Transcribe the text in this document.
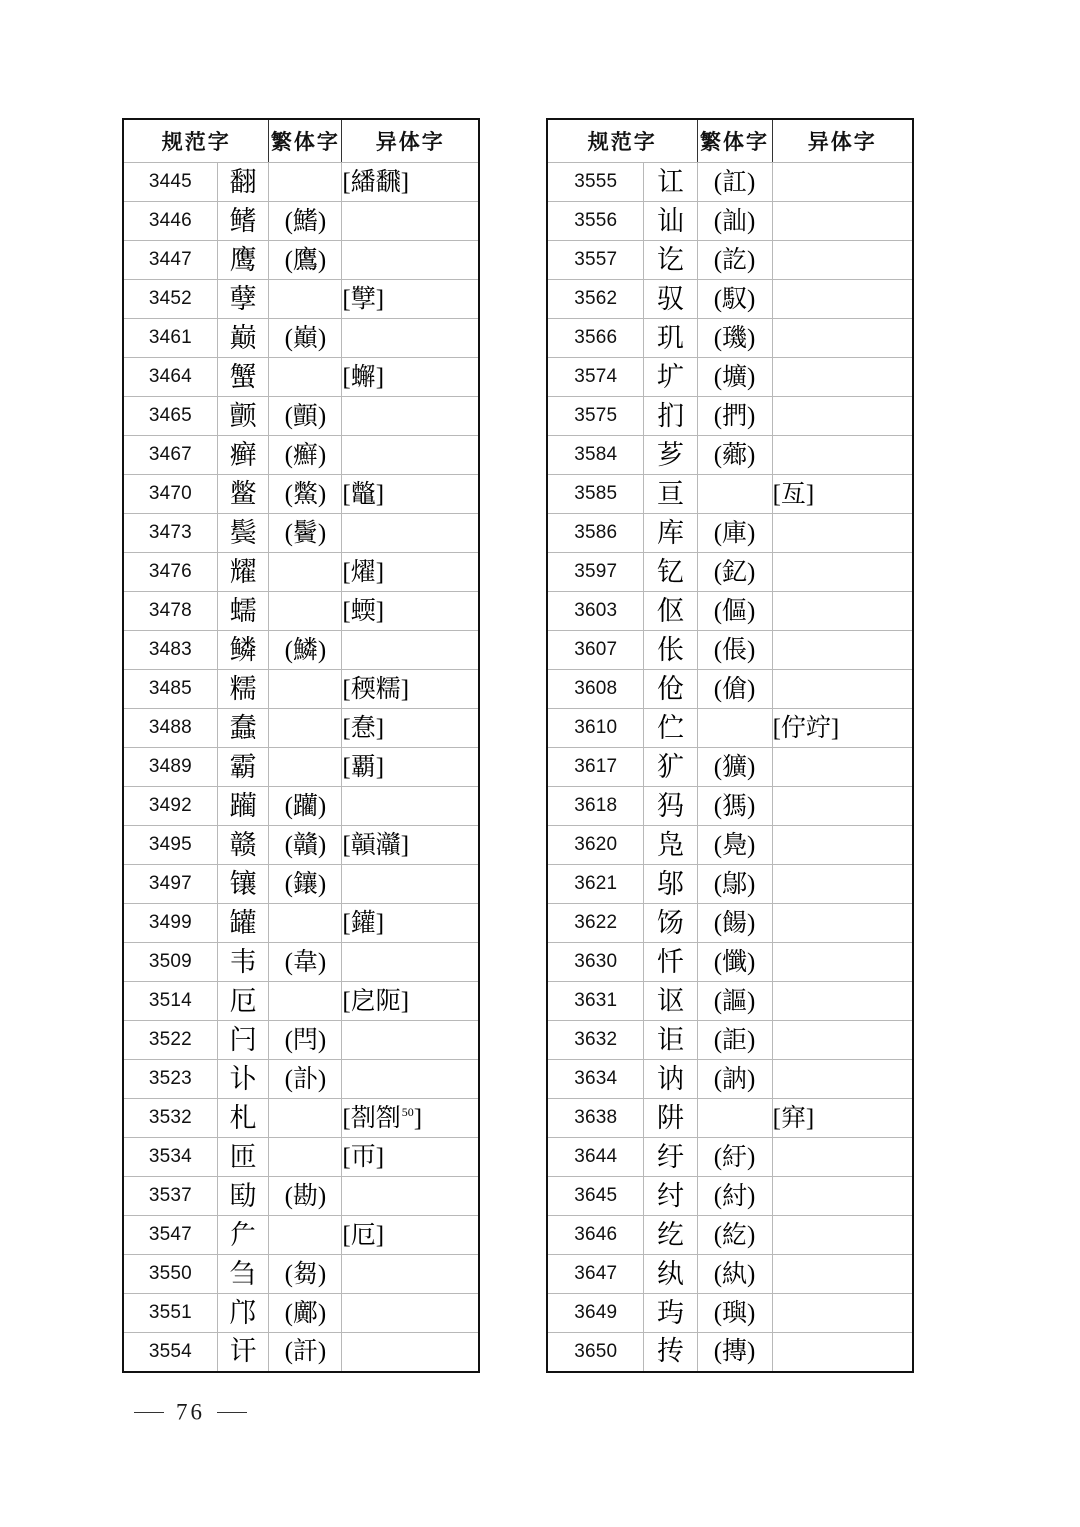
规范字		繁体字	异体字
3445	翻		[繙飜]
3446	鳍	(鰭)	
3447	鹰	(鷹)	
3452	孽		[孼]
3461	巅	(巔)	
3464	蟹		[蠏]
3465	颤	(顫)	
3467	癣	(癬)	
3470	鳖	(鱉)	[鼈]
3473	鬓	(鬢)	
3476	耀		[燿]
3478	蠕		[蝡]
3483	鳞	(鱗)	
3485	糯		[稬糯]
3488	蠢		[惷]
3489	霸		[覇]
3492	躏	(躪)	
3495	赣	(贛)	[贑灨]
3497	镶	(鑲)	
3499	罐		[鑵]
3509	韦	(韋)	
3514	厄		[戹阨]
3522	闩	(閂)	
3523	讣	(訃)	
3532	札		[剳劄$^{50}$]
3534	匝		[帀]
3537	劻	(勘)	
3547	厃		[厄]
3550	刍	(芻)	
3551	邝	(鄺)	
3554	讦	(訐)	
规范字		繁体字	异体字
3555	讧	(訌)	
3556	讪	(訕)	
3557	讫	(訖)	
3562	驭	(馭)	
3566	玑	(璣)	
3574	圹	(壙)	
3575	扪	(捫)	
3584	芗	(薌)	
3585	亘		[亙]
3586	库	(庫)	
3597	钇	(釔)	
3603	伛	(傴)	
3607	伥	(倀)	
3608	伧	(傖)	
3610	伫		[佇竚]
3617	犷	(獷)	
3618	犸	(獁)	
3620	凫	(鳧)	
3621	邬	(鄔)	
3622	饧	(餳)	
3630	忏	(懺)	
3631	讴	(謳)	
3632	讵	(詎)	
3634	讷	(訥)	
3638	阱		[穽]
3644	纡	(紆)	
3645	纣	(紂)	
3646	纥	(紇)	
3647	纨	(紈)	
3649	玙	(璵)	
3650	抟	(摶)	
76
